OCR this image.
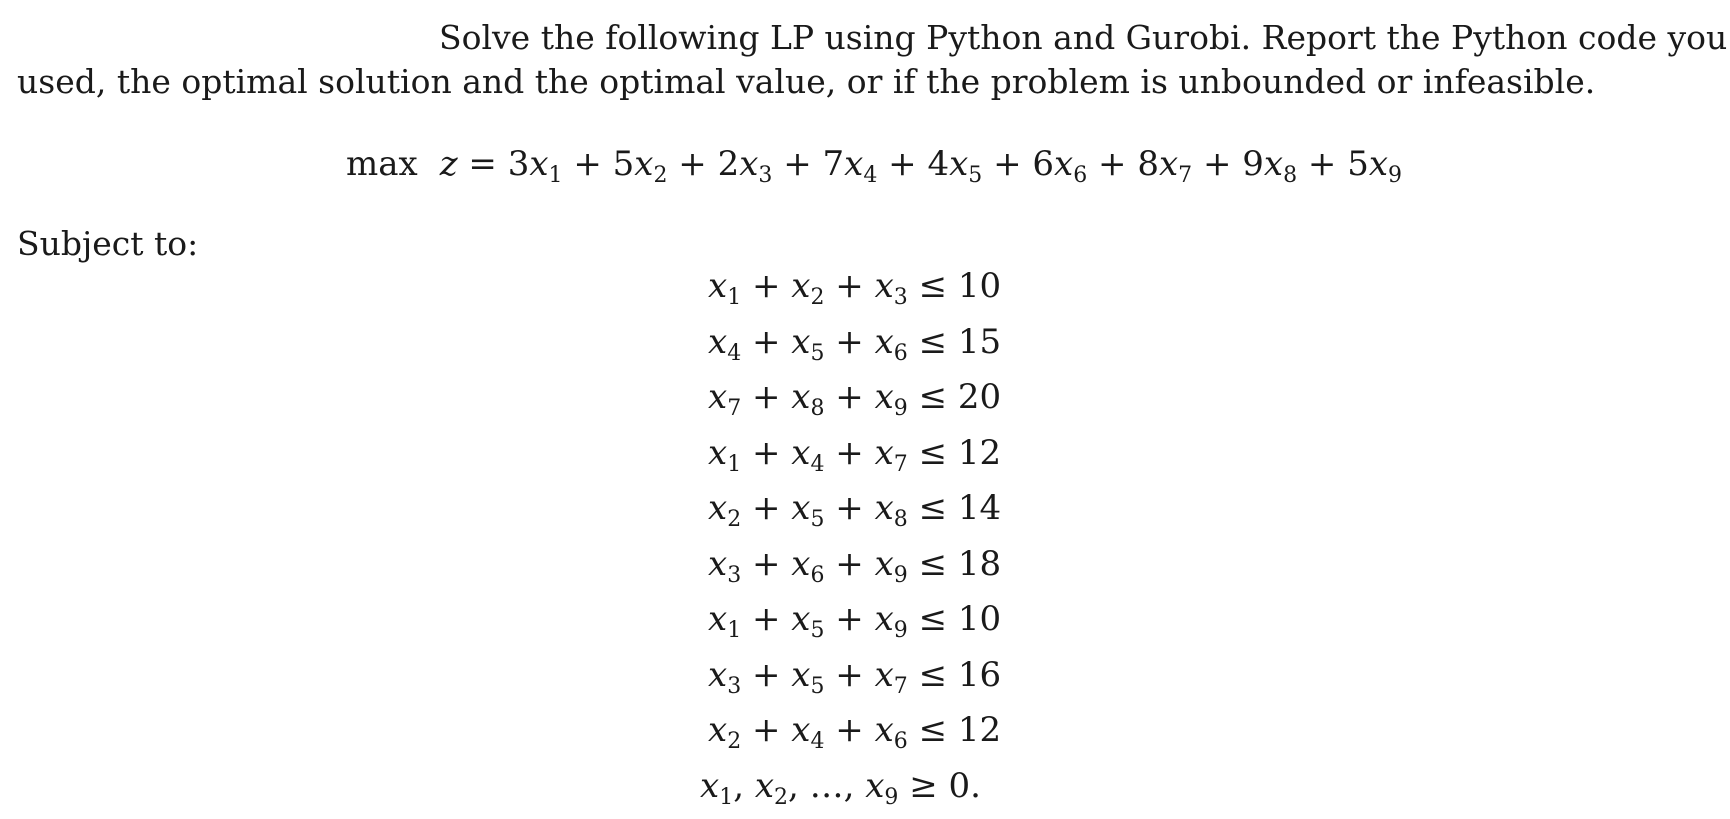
Solve the following LP using Python and Gurobi. Report the Python code you
used, the optimal solution and the optimal value, or if the problem is unbounded or infeasible.
$\max z = 3x_1 + 5x_2 + 2x_3 + 7x_4 + 4x_5 + 6x_6 + 8x_7 + 9x_8 + 5x_9$
Subject to:
$x_1 + x_2 + x_3 \le 10$
$x_4 + x_5 + x_6 \le 15$
$x_7 + x_8 + x_9 \le 20$
$x_1 + x_4 + x_7 \le 12$
$x_2 + x_5 + x_8 \le 14$
$x_3 + x_6 + x_9 \le 18$
$x_1 + x_5 + x_9 \le 10$
$x_3 + x_5 + x_7 \le 16$
$x_2 + x_4 + x_6 \le 12$
$x_1$, $x_2$, …, $x_9 \ge 0$.
